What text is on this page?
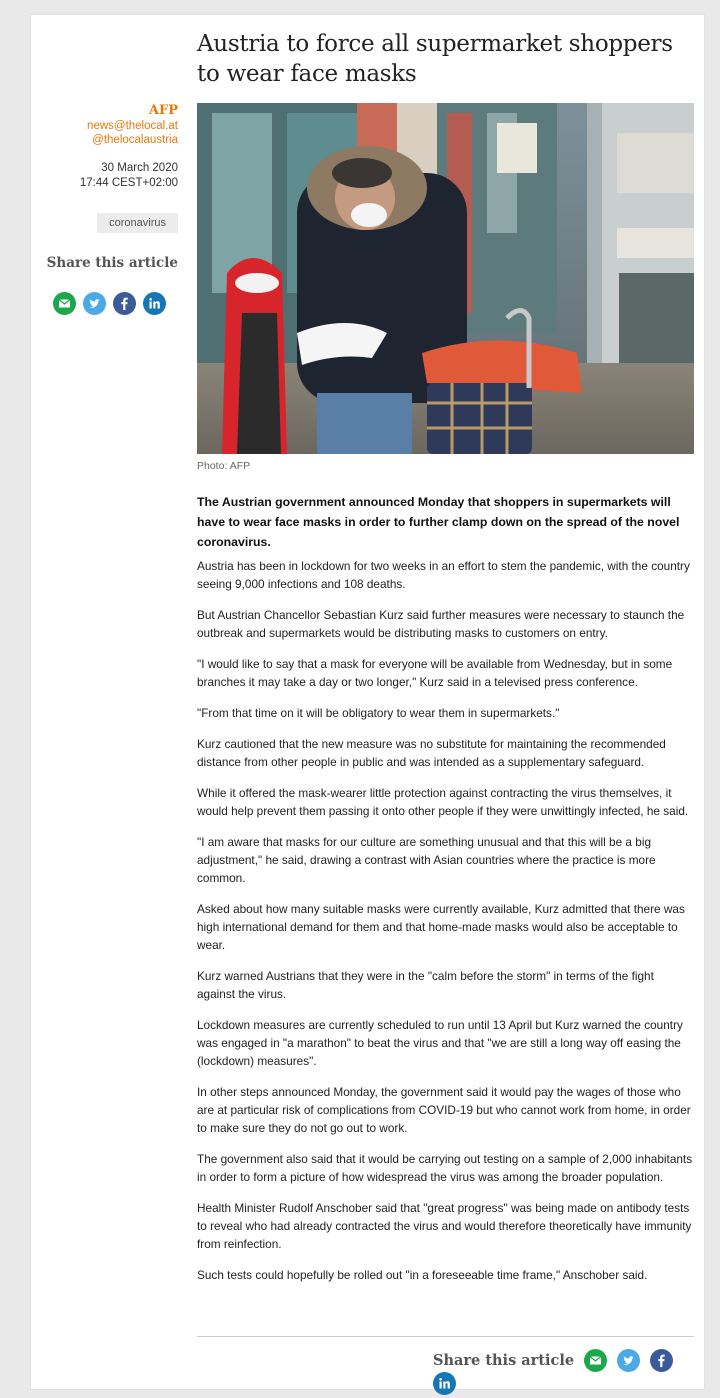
Austria to force all supermarket shoppers to wear face masks
AFP
news@thelocal.at
@thelocalaustria
30 March 2020
17:44 CEST+02:00
coronavirus
Share this article
Photo: AFP

The Austrian government announced Monday that shoppers in supermarkets will have to wear face masks in order to further clamp down on the spread of the novel coronavirus.

Austria has been in lockdown for two weeks in an effort to stem the pandemic, with the country seeing 9,000 infections and 108 deaths.

But Austrian Chancellor Sebastian Kurz said further measures were necessary to staunch the outbreak and supermarkets would be distributing masks to customers on entry.

"I would like to say that a mask for everyone will be available from Wednesday, but in some branches it may take a day or two longer," Kurz said in a televised press conference.

"From that time on it will be obligatory to wear them in supermarkets."

Kurz cautioned that the new measure was no substitute for maintaining the recommended distance from other people in public and was intended as a supplementary safeguard.

While it offered the mask-wearer little protection against contracting the virus themselves, it would help prevent them passing it onto other people if they were unwittingly infected, he said.

"I am aware that masks for our culture are something unusual and that this will be a big adjustment," he said, drawing a contrast with Asian countries where the practice is more common.

Asked about how many suitable masks were currently available, Kurz admitted that there was high international demand for them and that home-made masks would also be acceptable to wear.

Kurz warned Austrians that they were in the "calm before the storm" in terms of the fight against the virus.

Lockdown measures are currently scheduled to run until 13 April but Kurz warned the country was engaged in "a marathon" to beat the virus and that "we are still a long way off easing the (lockdown) measures".

In other steps announced Monday, the government said it would pay the wages of those who are at particular risk of complications from COVID-19 but who cannot work from home, in order to make sure they do not go out to work.

The government also said that it would be carrying out testing on a sample of 2,000 inhabitants in order to form a picture of how widespread the virus was among the broader population.

Health Minister Rudolf Anschober said that "great progress" was being made on antibody tests to reveal who had already contracted the virus and would therefore theoretically have immunity from reinfection.

Such tests could hopefully be rolled out "in a foreseeable time frame," Anschober said.

Share this article
